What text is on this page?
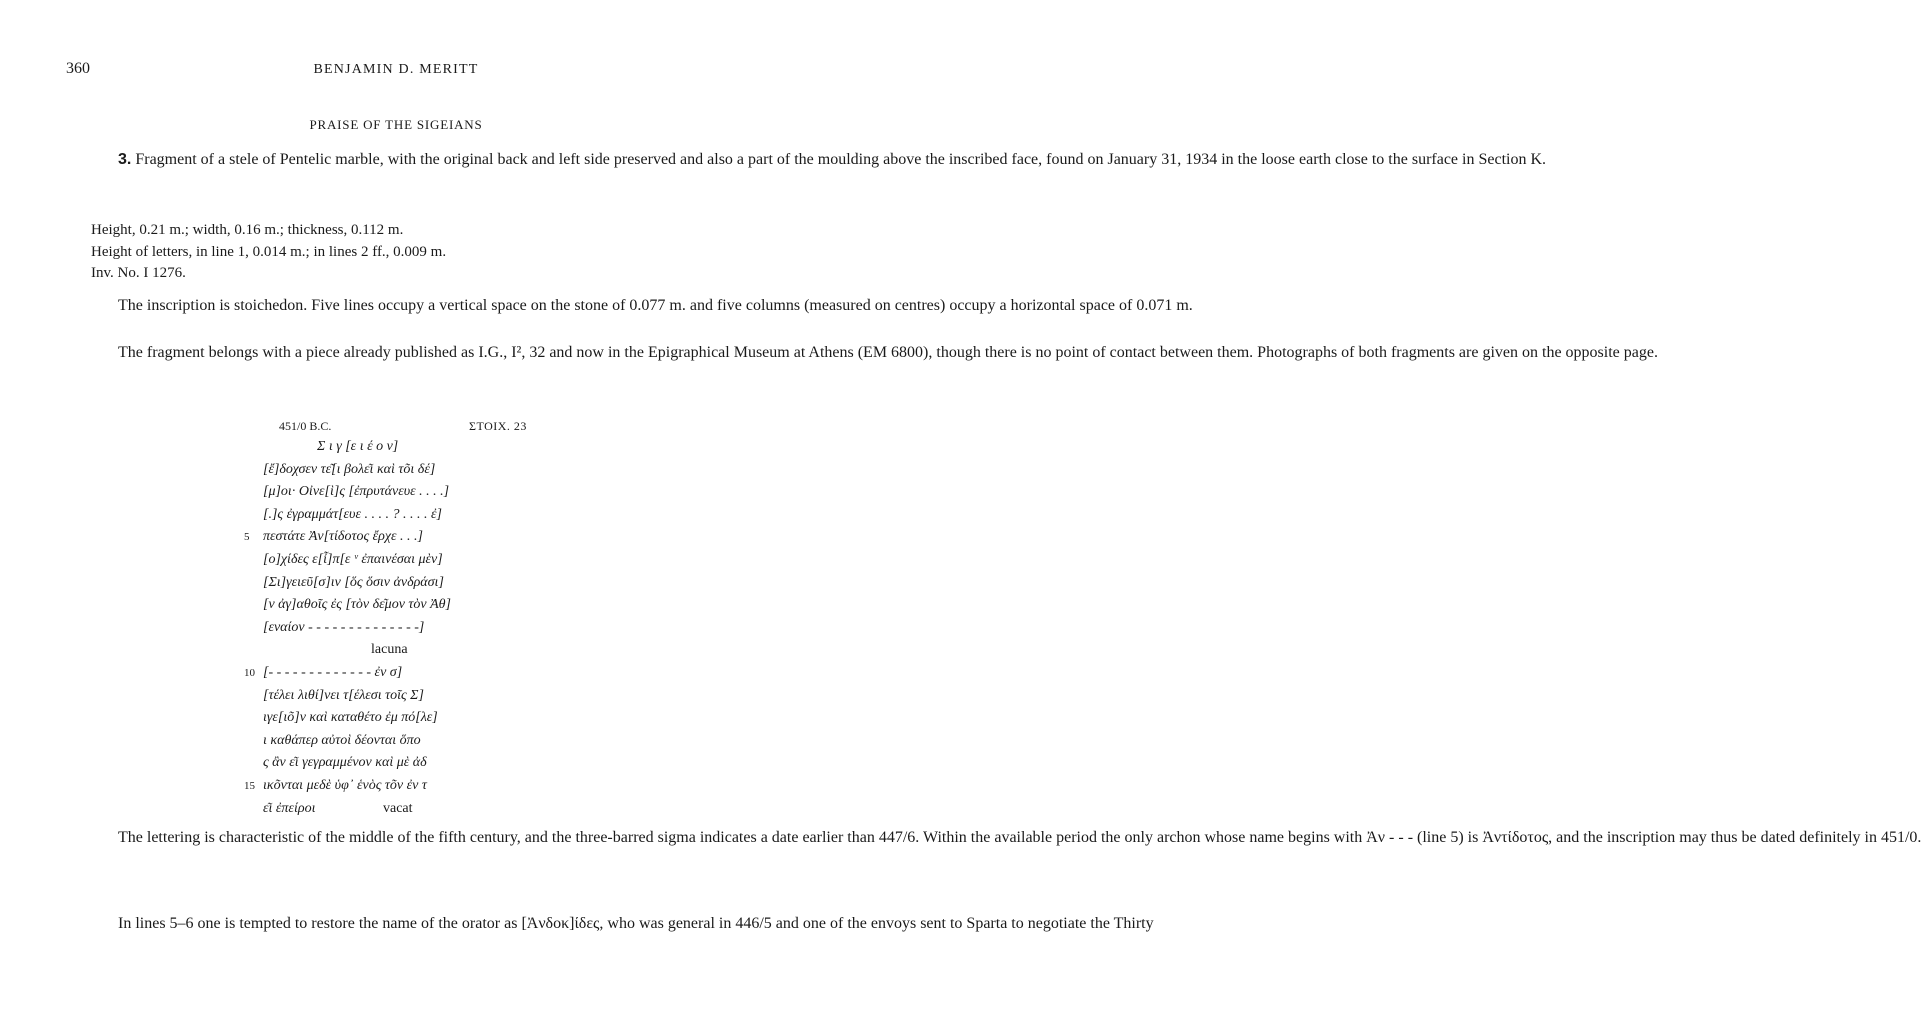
360	BENJAMIN D. MERITT
PRAISE OF THE SIGEIANS

3. Fragment of a stele of Pentelic marble, with the original back and left side preserved and also a part of the moulding above the inscribed face, found on January 31, 1934 in the loose earth close to the surface in Section K.

Height, 0.21 m.; width, 0.16 m.; thickness, 0.112 m.
Height of letters, in line 1, 0.014 m.; in lines 2 ff., 0.009 m.
Inv. No. I 1276.

The inscription is stoichedon. Five lines occupy a vertical space on the stone of 0.077 m. and five columns (measured on centres) occupy a horizontal space of 0.071 m.

The fragment belongs with a piece already published as I.G., I², 32 and now in the Epigraphical Museum at Athens (EM 6800), though there is no point of contact between them. Photographs of both fragments are given on the opposite page.

451/0 B.C.	ΣΤΟΙΧ. 23
Σ ι γ [ε ι έ ο ν]
[ἔ]δοχσεν τε͂[ι βολε͂ι καὶ τõι δέ]
[μ]οι· Οἰνε[ὶ]ς [ἐπρυτάνευε . . . .]
[.]ς ἐγραμμάτ[ευε . . . . ? . . . . ἐ]
5 πεστάτε Ἀν[τίδοτος ἔρχε . . .]
[ο]χίδες ε[ἶ]π[ε ᵛ ἐπαινέσαι μὲν]
[Σι]γειεῦ[σ]ιν [ὅς ὅσιν ἀνδράσι]
[ν ἀγ]αθοῖς ἐς [τὸν δε͂μον τὸν Ἀθ]
[εναίον - - - - - - - - - - - - - -]
lacuna
10 [- - - - - - - - - - - - - ἐν σ]
[τέλει λιθί]νει τ[έλεσι τοῖς Σ]
ιγε[ιõ]ν καὶ καταθέτο ἐμ πό[λε]
ι καθάπερ αὐτοὶ δέονται ὅπο
ς ἂν ε͂ι γεγραμμένον καὶ μὲ ἀδ
15 ικõνται μεδὲ ὑφ᾽ ἑνὸς τõν ἐν τ
ε͂ι ἐπείροι	vacat

The lettering is characteristic of the middle of the fifth century, and the three-barred sigma indicates a date earlier than 447/6. Within the available period the only archon whose name begins with Ἀν - - - (line 5) is Ἀντίδοτος, and the inscription may thus be dated definitely in 451/0.

In lines 5–6 one is tempted to restore the name of the orator as [Ἀνδοκ]ίδες, who was general in 446/5 and one of the envoys sent to Sparta to negotiate the Thirty
